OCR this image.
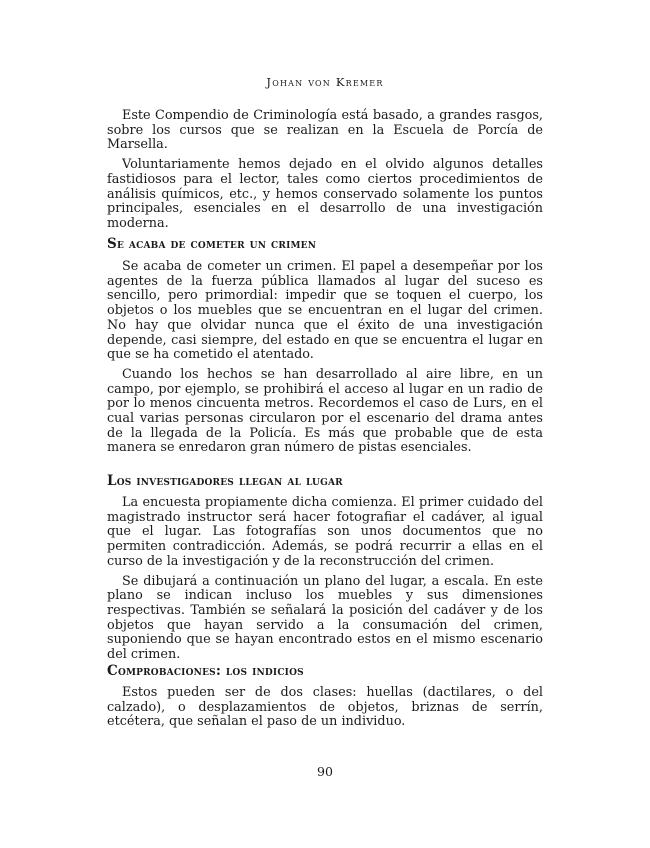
Johan von Kremer

Este Compendio de Criminología está basado, a grandes rasgos, sobre los cursos que se realizan en la Escuela de Porcía de Marsella.

Voluntariamente hemos dejado en el olvido algunos detalles fastidiosos para el lector, tales como ciertos procedimientos de análisis químicos, etc., y hemos conservado solamente los puntos principales, esenciales en el desarrollo de una investigación moderna.

Se acaba de cometer un crimen

Se acaba de cometer un crimen. El papel a desempeñar por los agentes de la fuerza pública llamados al lugar del suceso es sencillo, pero primordial: impedir que se toquen el cuerpo, los objetos o los muebles que se encuentran en el lugar del crimen. No hay que olvidar nunca que el éxito de una investigación depende, casi siempre, del estado en que se encuentra el lugar en que se ha cometido el atentado.

Cuando los hechos se han desarrollado al aire libre, en un campo, por ejemplo, se prohibirá el acceso al lugar en un radio de por lo menos cincuenta metros. Recordemos el caso de Lurs, en el cual varias personas circularon por el escenario del drama antes de la llegada de la Policía. Es más que probable que de esta manera se enredaron gran número de pistas esenciales.

Los investigadores llegan al lugar

La encuesta propiamente dicha comienza. El primer cuidado del magistrado instructor será hacer fotografiar el cadáver, al igual que el lugar. Las fotografías son unos documentos que no permiten contradicción. Además, se podrá recurrir a ellas en el curso de la investigación y de la reconstrucción del crimen.

Se dibujará a continuación un plano del lugar, a escala. En este plano se indican incluso los muebles y sus dimensiones respectivas. También se señalará la posición del cadáver y de los objetos que hayan servido a la consumación del crimen, suponiendo que se hayan encontrado estos en el mismo escenario del crimen.

Comprobaciones: los indicios

Estos pueden ser de dos clases: huellas (dactilares, o del calzado), o desplazamientos de objetos, briznas de serrín, etcétera, que señalan el paso de un individuo.

90
